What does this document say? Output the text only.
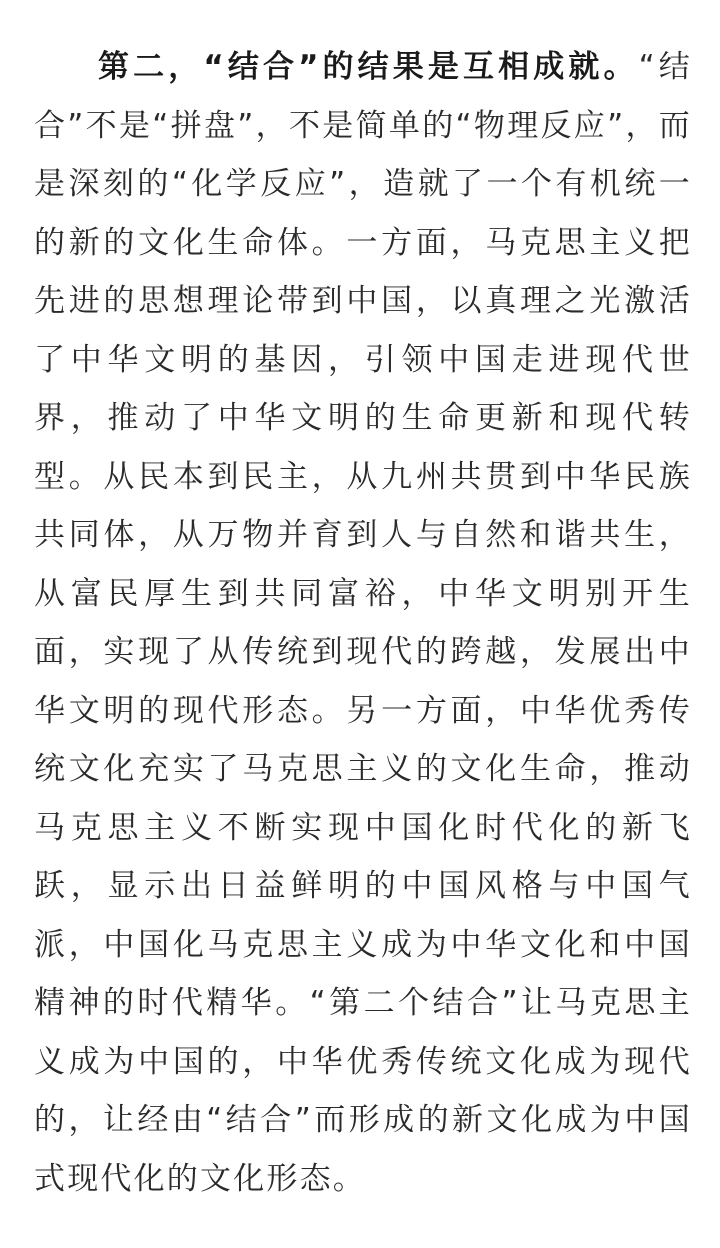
第二，“结合”的结果是互相成就。“结合”不是“拼盘”，不是简单的“物理反应”，而是深刻的“化学反应”，造就了一个有机统一的新的文化生命体。一方面，马克思主义把先进的思想理论带到中国，以真理之光激活了中华文明的基因，引领中国走进现代世界，推动了中华文明的生命更新和现代转型。从民本到民主，从九州共贯到中华民族共同体，从万物并育到人与自然和谐共生，从富民厚生到共同富裕，中华文明别开生面，实现了从传统到现代的跨越，发展出中华文明的现代形态。另一方面，中华优秀传统文化充实了马克思主义的文化生命，推动马克思主义不断实现中国化时代化的新飞跃，显示出日益鲜明的中国风格与中国气派，中国化马克思主义成为中华文化和中国精神的时代精华。“第二个结合”让马克思主义成为中国的，中华优秀传统文化成为现代的，让经由“结合”而形成的新文化成为中国式现代化的文化形态。
